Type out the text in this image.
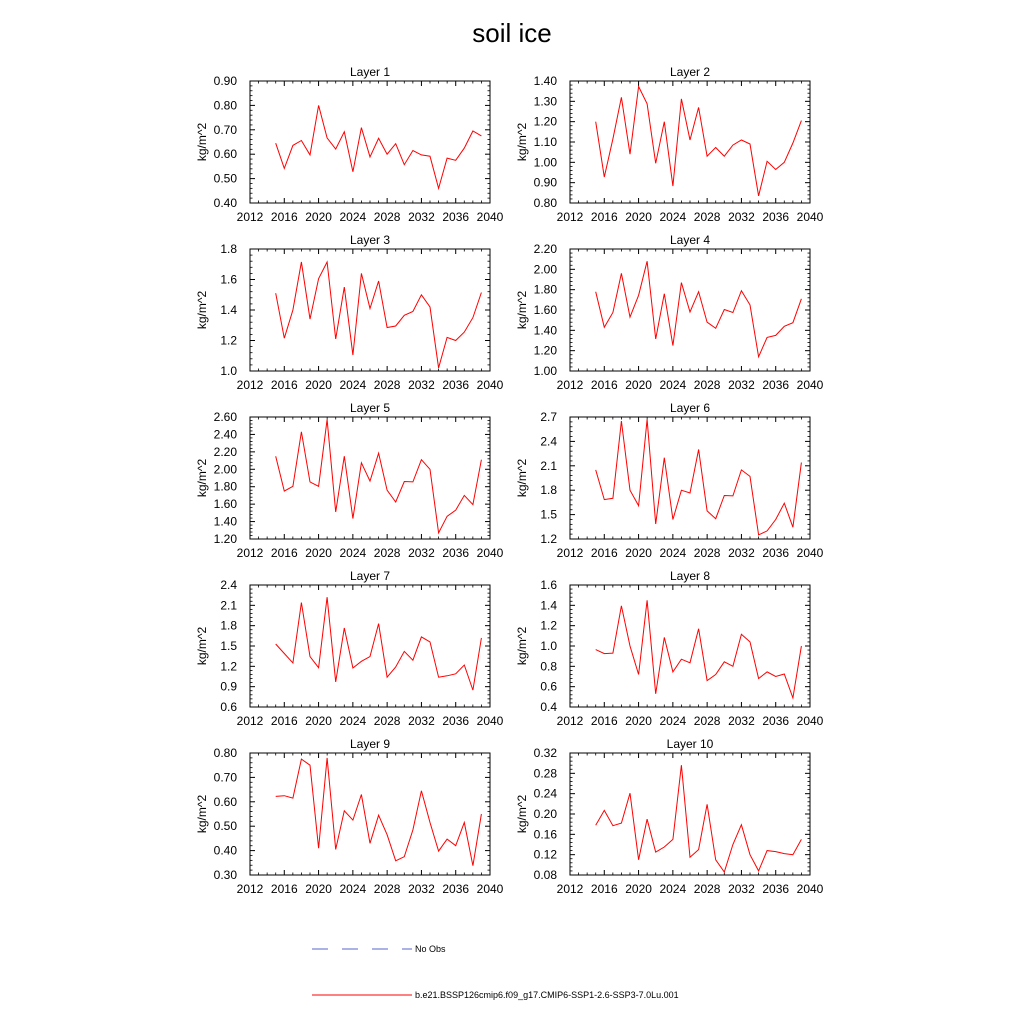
soil ice
Layer 1
kg/m^2
2012 2016 2020 2024 2028 2032 2036 2040
0.40
0.50
0.60
0.70
0.80
0.90
Layer 2
kg/m^2
2012 2016 2020 2024 2028 2032 2036 2040
0.80
0.90
1.00
1.10
1.20
1.30
1.40
Layer 3
kg/m^2
2012 2016 2020 2024 2028 2032 2036 2040
1.0
1.2
1.4
1.6
1.8
Layer 4
kg/m^2
2012 2016 2020 2024 2028 2032 2036 2040
1.00
1.20
1.40
1.60
1.80
2.00
2.20
Layer 5
kg/m^2
2012 2016 2020 2024 2028 2032 2036 2040
1.20
1.40
1.60
1.80
2.00
2.20
2.40
2.60
Layer 6
kg/m^2
2012 2016 2020 2024 2028 2032 2036 2040
1.2
1.5
1.8
2.1
2.4
2.7
Layer 7
kg/m^2
2012 2016 2020 2024 2028 2032 2036 2040
0.6
0.9
1.2
1.5
1.8
2.1
2.4
Layer 8
kg/m^2
2012 2016 2020 2024 2028 2032 2036 2040
0.4
0.6
0.8
1.0
1.2
1.4
1.6
Layer 9
kg/m^2
2012 2016 2020 2024 2028 2032 2036 2040
0.30
0.40
0.50
0.60
0.70
0.80
Layer 10
kg/m^2
2012 2016 2020 2024 2028 2032 2036 2040
0.08
0.12
0.16
0.20
0.24
0.28
0.32
No Obs
b.e21.BSSP126cmip6.f09_g17.CMIP6-SSP1-2.6-SSP3-7.0Lu.001
